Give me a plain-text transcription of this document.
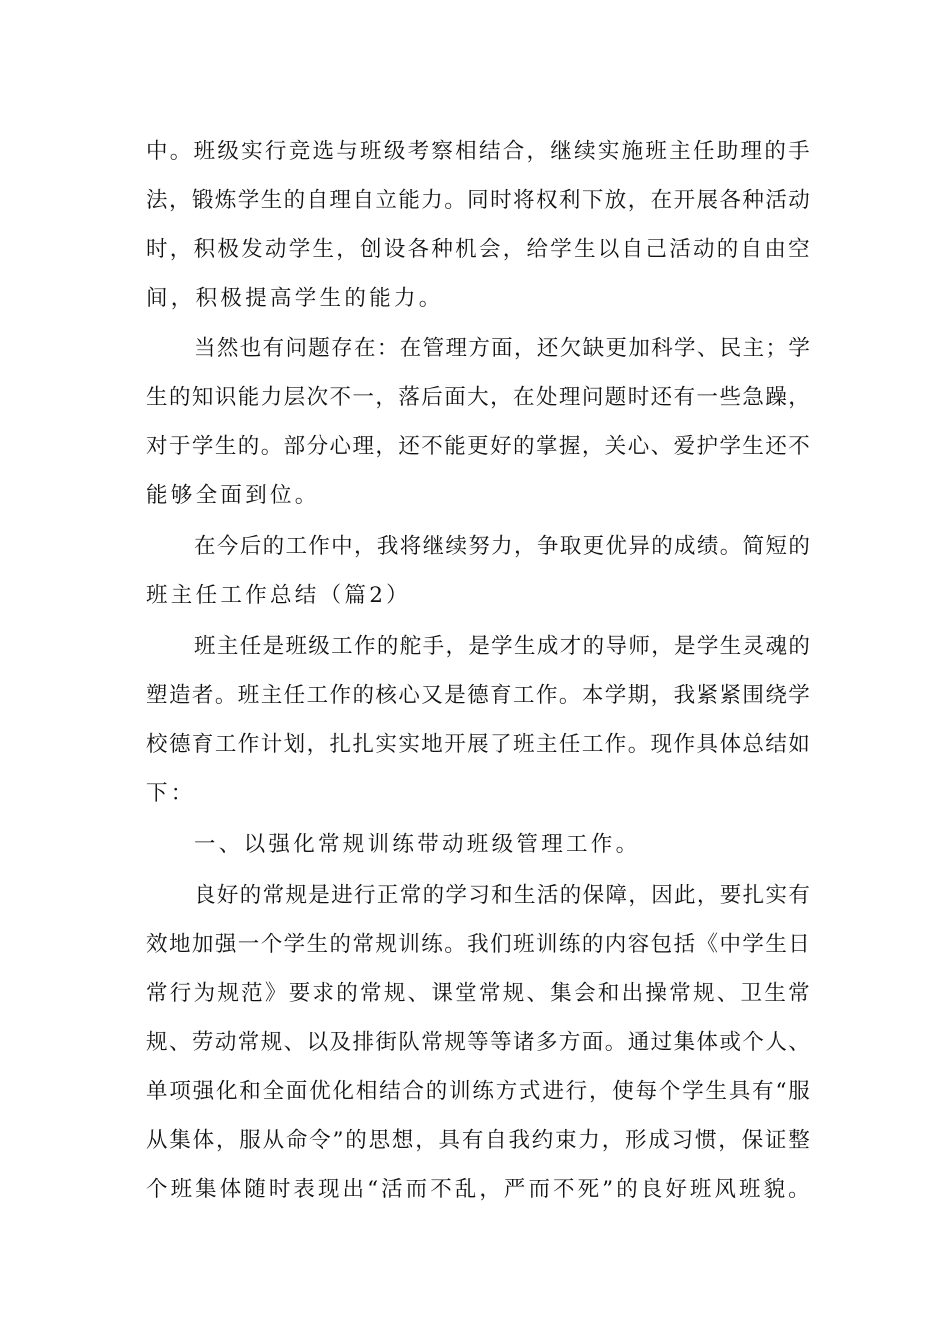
中 。 班 级 实 行 竞 选 与 班 级 考 察 相 结 合 ， 继 续 实 施 班 主 任 助 理 的 手
法 ， 锻 炼 学 生 的 自 理 自 立 能 力 。 同 时 将 权 利 下 放 ， 在 开 展 各 种 活 动
时 ， 积 极 发 动 学 生 ， 创 设 各 种 机 会 ， 给 学 生 以 自 己 活 动 的 自 由 空
间，积极提高学生的能力。
当 然 也 有 问 题 存 在 ： 在 管 理 方 面 ， 还 欠 缺 更 加 科 学 、 民 主 ； 学
生 的 知 识 能 力 层 次 不 一 ， 落 后 面 大 ， 在 处 理 问 题 时 还 有 一 些 急 躁 ，
对 于 学 生 的 。 部 分 心 理 ， 还 不 能 更 好 的 掌 握 ， 关 心 、 爱 护 学 生 还 不
能够全面到位。
在 今 后 的 工 作 中 ， 我 将 继 续 努 力 ， 争 取 更 优 异 的 成 绩 。 简 短 的
班主任工作总结（篇2）
班 主 任 是 班 级 工 作 的 舵 手 ， 是 学 生 成 才 的 导 师 ， 是 学 生 灵 魂 的
塑 造 者 。 班 主 任 工 作 的 核 心 又 是 德 育 工 作 。 本 学 期 ， 我 紧 紧 围 绕 学
校 德 育 工 作 计 划 ， 扎 扎 实 实 地 开 展 了 班 主 任 工 作 。 现 作 具 体 总 结 如
下：
一、以强化常规训练带动班级管理工作。
良 好 的 常 规 是 进 行 正 常 的 学 习 和 生 活 的 保 障 ， 因 此 ， 要 扎 实 有
效 地 加 强 一 个 学 生 的 常 规 训 练 。 我 们 班 训 练 的 内 容 包 括 《 中 学 生 日
常 行 为 规 范 》 要 求 的 常 规 、 课 堂 常 规 、 集 会 和 出 操 常 规 、 卫 生 常
规 、 劳 动 常 规 、 以 及 排 街 队 常 规 等 等 诸 多 方 面 。 通 过 集 体 或 个 人 、
单 项 强 化 和 全 面 优 化 相 结 合 的 训 练 方 式 进 行 ， 使 每 个 学 生 具 有 “ 服
从 集 体 ， 服 从 命 令 ” 的 思 想 ， 具 有 自 我 约 束 力 ， 形 成 习 惯 ， 保 证 整
个 班 集 体 随 时 表 现 出 “ 活 而 不 乱 ， 严 而 不 死 ” 的 良 好 班 风 班 貌 。
